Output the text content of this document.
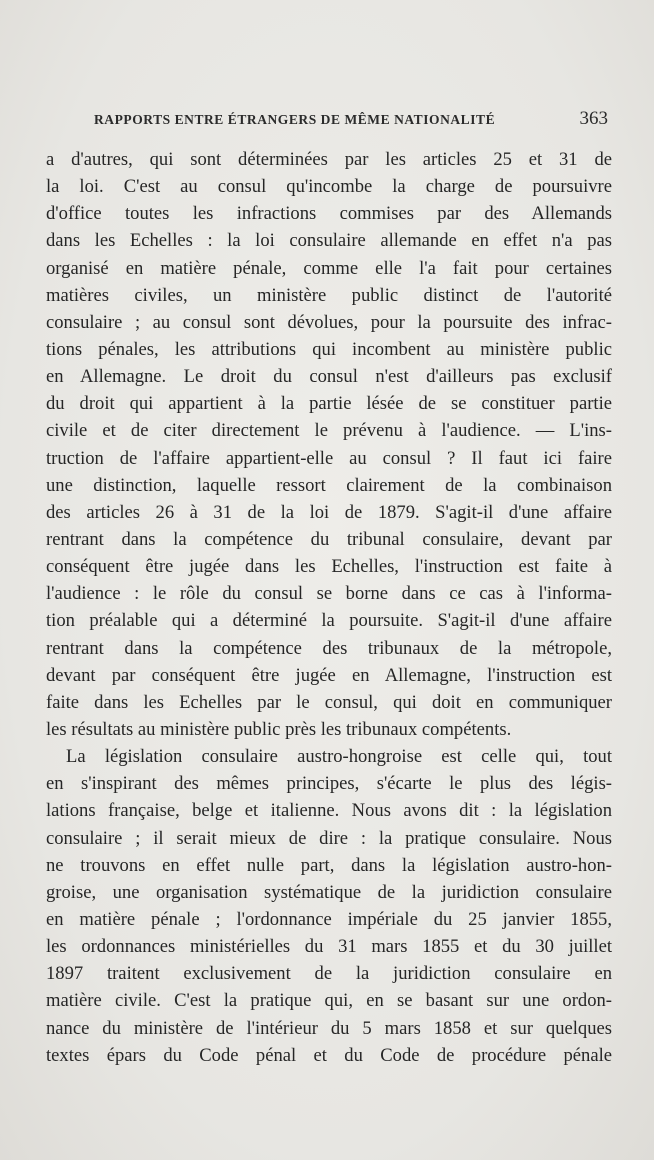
RAPPORTS ENTRE ÉTRANGERS DE MÊME NATIONALITÉ	363
a d'autres, qui sont déterminées par les articles 25 et 31 de
la loi. C'est au consul qu'incombe la charge de poursuivre
d'office toutes les infractions commises par des Allemands
dans les Echelles : la loi consulaire allemande en effet n'a pas
organisé en matière pénale, comme elle l'a fait pour certaines
matières civiles, un ministère public distinct de l'autorité
consulaire ; au consul sont dévolues, pour la poursuite des infrac-
tions pénales, les attributions qui incombent au ministère public
en Allemagne. Le droit du consul n'est d'ailleurs pas exclusif
du droit qui appartient à la partie lésée de se constituer partie
civile et de citer directement le prévenu à l'audience. — L'ins-
truction de l'affaire appartient-elle au consul ? Il faut ici faire
une distinction, laquelle ressort clairement de la combinaison
des articles 26 à 31 de la loi de 1879. S'agit-il d'une affaire
rentrant dans la compétence du tribunal consulaire, devant par
conséquent être jugée dans les Echelles, l'instruction est faite à
l'audience : le rôle du consul se borne dans ce cas à l'informa-
tion préalable qui a déterminé la poursuite. S'agit-il d'une affaire
rentrant dans la compétence des tribunaux de la métropole,
devant par conséquent être jugée en Allemagne, l'instruction est
faite dans les Echelles par le consul, qui doit en communiquer
les résultats au ministère public près les tribunaux compétents.
La législation consulaire austro-hongroise est celle qui, tout
en s'inspirant des mêmes principes, s'écarte le plus des légis-
lations française, belge et italienne. Nous avons dit : la législation
consulaire ; il serait mieux de dire : la pratique consulaire. Nous
ne trouvons en effet nulle part, dans la législation austro-hon-
groise, une organisation systématique de la juridiction consulaire
en matière pénale ; l'ordonnance impériale du 25 janvier 1855,
les ordonnances ministérielles du 31 mars 1855 et du 30 juillet
1897 traitent exclusivement de la juridiction consulaire en
matière civile. C'est la pratique qui, en se basant sur une ordon-
nance du ministère de l'intérieur du 5 mars 1858 et sur quelques
textes épars du Code pénal et du Code de procédure pénale
